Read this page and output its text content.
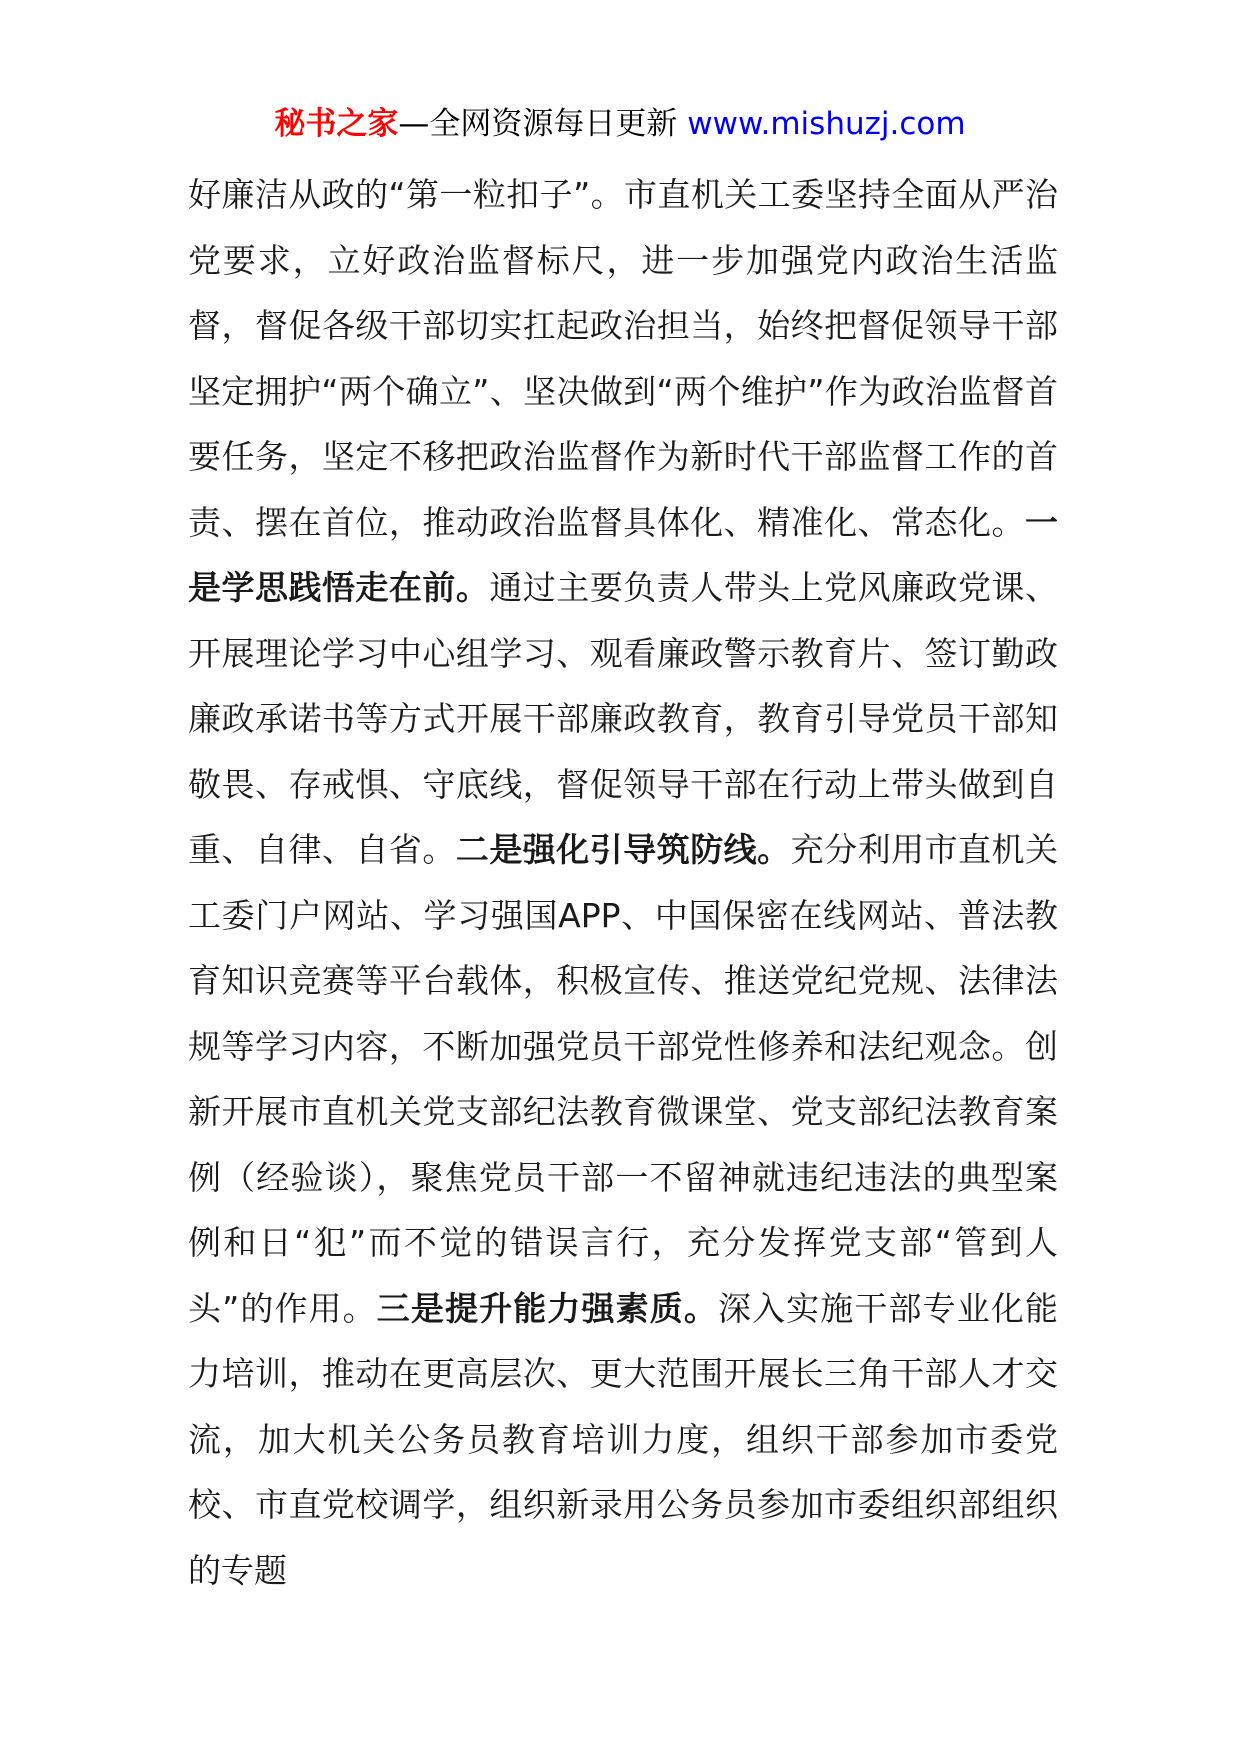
秘书之家—全网资源每日更新 www.mishuzj.com
好廉洁从政的“第一粒扣子”。市直机关工委坚持全面从严治党要求，立好政治监督标尺，进一步加强党内政治生活监督，督促各级干部切实扛起政治担当，始终把督促领导干部坚定拥护“两个确立”、坚决做到“两个维护”作为政治监督首要任务，坚定不移把政治监督作为新时代干部监督工作的首责、摆在首位，推动政治监督具体化、精准化、常态化。一是学思践悟走在前。通过主要负责人带头上党风廉政党课、开展理论学习中心组学习、观看廉政警示教育片、签订勤政廉政承诺书等方式开展干部廉政教育，教育引导党员干部知敬畏、存戒惧、守底线，督促领导干部在行动上带头做到自重、自律、自省。二是强化引导筑防线。充分利用市直机关工委门户网站、学习强国APP、中国保密在线网站、普法教育知识竞赛等平台载体，积极宣传、推送党纪党规、法律法规等学习内容，不断加强党员干部党性修养和法纪观念。创新开展市直机关党支部纪法教育微课堂、党支部纪法教育案例（经验谈），聚焦党员干部一不留神就违纪违法的典型案例和日“犯”而不觉的错误言行，充分发挥党支部“管到人头”的作用。三是提升能力强素质。深入实施干部专业化能力培训，推动在更高层次、更大范围开展长三角干部人才交流，加大机关公务员教育培训力度，组织干部参加市委党校、市直党校调学，组织新录用公务员参加市委组织部组织的专题
